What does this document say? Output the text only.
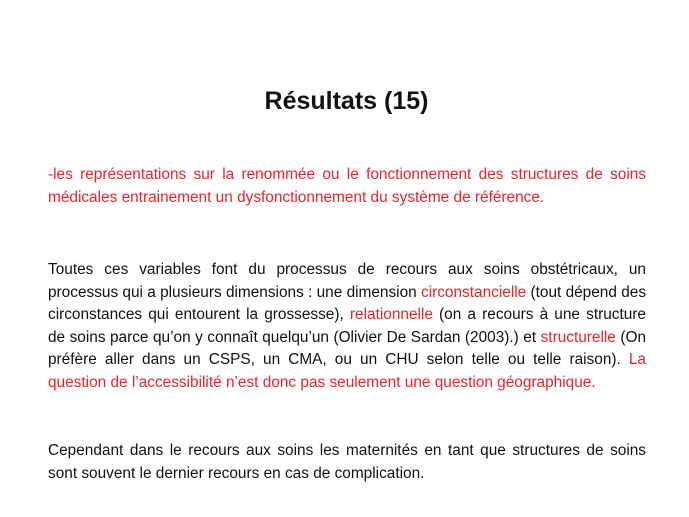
Résultats (15)
-les représentations sur la renommée ou le fonctionnement des structures de soins médicales entrainement un dysfonctionnement du système de référence.
Toutes ces variables font du processus de recours aux soins obstétricaux, un processus qui a plusieurs dimensions : une dimension circonstancielle (tout dépend des circonstances qui entourent la grossesse), relationnelle (on a recours à une structure de soins parce qu’on y connaît quelqu’un (Olivier De Sardan (2003).) et structurelle (On préfère aller dans un CSPS, un CMA, ou un CHU selon telle ou telle raison). La question de l’accessibilité n’est donc pas seulement une question géographique.
Cependant dans le recours aux soins les maternités en tant que structures de soins sont souvent le dernier recours en cas de complication.
